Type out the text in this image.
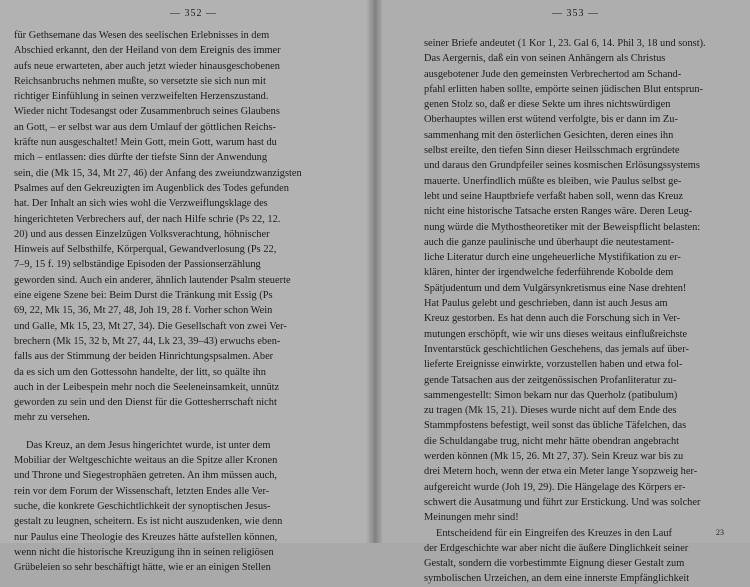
— 352 —
für Gethsemane das Wesen des seelischen Erlebnisses in dem
Abschied erkannt, den der Heiland von dem Ereignis des immer
aufs neue erwarteten, aber auch jetzt wieder hinausgeschobenen
Reichsanbruchs nehmen mußte, so versetzte sie sich nun mit
richtiger Einfühlung in seinen verzweifelten Herzenszustand.
Wieder nicht Todesangst oder Zusammenbruch seines Glaubens
an Gott, – er selbst war aus dem Umlauf der göttlichen Reichs-
kräfte nun ausgeschaltet! Mein Gott, mein Gott, warum hast du
mich – entlassen: dies dürfte der tiefste Sinn der Anwendung
sein, die (Mk 15, 34, Mt 27, 46) der Anfang des zweiundzwanzigsten
Psalmes auf den Gekreuzigten im Augenblick des Todes gefunden
hat. Der Inhalt an sich wies wohl die Verzweiflungsklage des
hingerichteten Verbrechers auf, der nach Hilfe schrie (Ps 22, 12.
20) und aus dessen Einzelzügen Volksverachtung, höhnischer
Hinweis auf Selbsthilfe, Körperqual, Gewandverlosung (Ps 22,
7–9, 15 f. 19) selbständige Episoden der Passionserzählung
geworden sind. Auch ein anderer, ähnlich lautender Psalm steuerte
eine eigene Szene bei: Beim Durst die Tränkung mit Essig (Ps
69, 22, Mk 15, 36, Mt 27, 48, Joh 19, 28 f. Vorher schon Wein
und Galle, Mk 15, 23, Mt 27, 34). Die Gesellschaft von zwei Ver-
brechern (Mk 15, 32 b, Mt 27, 44, Lk 23, 39–43) erwuchs eben-
falls aus der Stimmung der beiden Hinrichtungspsalmen. Aber
da es sich um den Gottessohn handelte, der litt, so quälte ihn
auch in der Leibespein mehr noch die Seeleneinsamkeit, unnütz
geworden zu sein und den Dienst für die Gottesherrschaft nicht
mehr zu versehen.
Das Kreuz, an dem Jesus hingerichtet wurde, ist unter dem
Mobiliar der Weltgeschichte weitaus an die Spitze aller Kronen
und Throne und Siegestrophäen getreten. An ihm müssen auch,
rein vor dem Forum der Wissenschaft, letzten Endes alle Ver-
suche, die konkrete Geschichtlichkeit der synoptischen Jesus-
gestalt zu leugnen, scheitern. Es ist nicht auszudenken, wie denn
nur Paulus eine Theologie des Kreuzes hätte aufstellen können,
wenn nicht die historische Kreuzigung ihn in seinen religiösen
Grübeleien so sehr beschäftigt hätte, wie er an einigen Stellen
— 353 —
seiner Briefe andeutet (1 Kor 1, 23. Gal 6, 14. Phil 3, 18 und sonst).
Das Aergernis, daß ein von seinen Anhängern als Christus
ausgebotener Jude den gemeinsten Verbrechertod am Schand-
pfahl erlitten haben sollte, empörte seinen jüdischen Blut entsprun-
genen Stolz so, daß er diese Sekte um ihres nichtswürdigen
Oberhauptes willen erst wütend verfolgte, bis er dann im Zu-
sammenhang mit den österlichen Gesichten, deren eines ihn
selbst ereilte, den tiefen Sinn dieser Heilsschmach ergründete
und daraus den Grundpfeiler seines kosmischen Erlösungssystems
mauerte. Unerfindlich müßte es bleiben, wie Paulus selbst ge-
lebt und seine Hauptbriefe verfaßt haben soll, wenn das Kreuz
nicht eine historische Tatsache ersten Ranges wäre. Deren Leug-
nung würde die Mythostheoretiker mit der Beweispflicht belasten:
auch die ganze paulinische und überhaupt die neutestament-
liche Literatur durch eine ungeheuerliche Mystifikation zu er-
klären, hinter der irgendwelche federführende Kobolde dem
Spätjudentum und dem Vulgärsynkretismus eine Nase drehten!
Hat Paulus gelebt und geschrieben, dann ist auch Jesus am
Kreuz gestorben. Es hat denn auch die Forschung sich in Ver-
mutungen erschöpft, wie wir uns dieses weitaus einflußreichste
Inventarstück geschichtlichen Geschehens, das jemals auf über-
lieferte Ereignisse einwirkte, vorzustellen haben und etwa fol-
gende Tatsachen aus der zeitgenössischen Profanliteratur zu-
sammengestellt: Simon bekam nur das Querholz (patibulum)
zu tragen (Mk 15, 21). Dieses wurde nicht auf dem Ende des
Stammpfostens befestigt, weil sonst das übliche Täfelchen, das
die Schuldangabe trug, nicht mehr hätte obendran angebracht
werden können (Mk 15, 26. Mt 27, 37). Sein Kreuz war bis zu
drei Metern hoch, wenn der etwa ein Meter lange Ysopzweig her-
aufgereicht wurde (Joh 19, 29). Die Hängelage des Körpers er-
schwert die Ausatmung und führt zur Erstickung. Und was solcher
Meinungen mehr sind!
Entscheidend für ein Eingreifen des Kreuzes in den Lauf
der Erdgeschichte war aber nicht die äußere Dinglichkeit seiner
Gestalt, sondern die vorbestimmte Eignung dieser Gestalt zum
symbolischen Urzeichen, an dem eine innerste Empfänglichkeit
23
